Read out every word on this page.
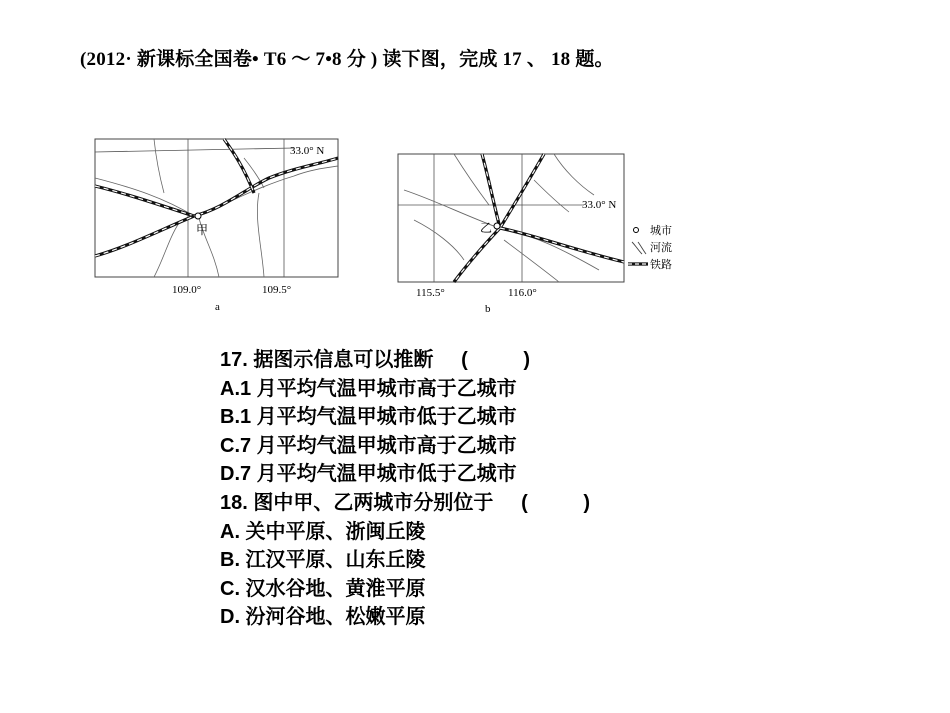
(2012· 新课标全国卷• T6 ～ 7•8 分 ) 读下图，完成 17 、 18 题。
甲
33.0° N
109.0°	109.5°
a
乙
33.0° N
115.5°	116.0°
b
城市
河流
铁路
17. 据图示信息可以推断     (          )
A.1 月平均气温甲城市高于乙城市
B.1 月平均气温甲城市低于乙城市
C.7 月平均气温甲城市高于乙城市
D.7 月平均气温甲城市低于乙城市
18. 图中甲、乙两城市分别位于     (          )
A. 关中平原、浙闽丘陵
B. 江汉平原、山东丘陵
C. 汉水谷地、黄淮平原
D. 汾河谷地、松嫩平原
